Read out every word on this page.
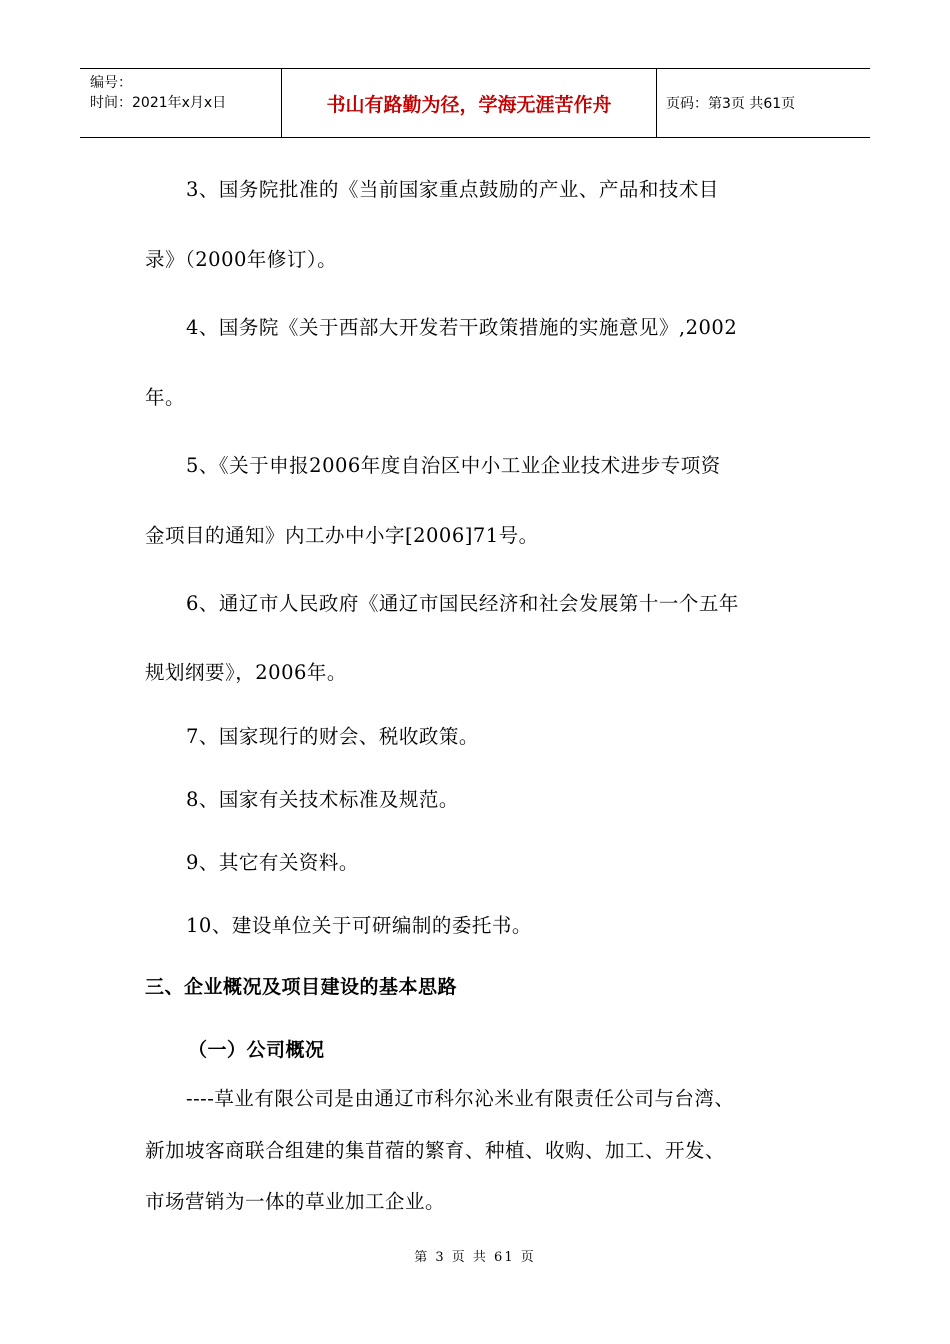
编号：
时间：2021年x月x日	书山有路勤为径，学海无涯苦作舟	页码：第3页 共61页
3、国务院批准的《当前国家重点鼓励的产业、产品和技术目
录》（2000年修订）。
4、国务院《关于西部大开发若干政策措施的实施意见》,2002
年。
5、《关于申报2006年度自治区中小工业企业技术进步专项资
金项目的通知》内工办中小字[2006]71号。
6、通辽市人民政府《通辽市国民经济和社会发展第十一个五年
规划纲要》，2006年。
7、国家现行的财会、税收政策。
8、国家有关技术标准及规范。
9、其它有关资料。
10、建设单位关于可研编制的委托书。
三、企业概况及项目建设的基本思路
（一）公司概况
----草业有限公司是由通辽市科尔沁米业有限责任公司与台湾、
新加坡客商联合组建的集苜蓿的繁育、种植、收购、加工、开发、
市场营销为一体的草业加工企业。
第 3 页 共 61 页
